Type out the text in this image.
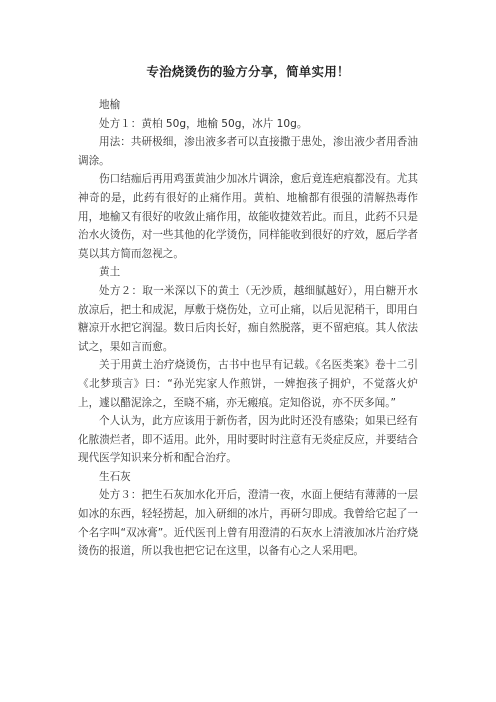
专治烧烫伤的验方分享，简单实用！

地榆

处方１：黄柏 50g，地榆 50g，冰片 10g。

用法：共研极细，渗出液多者可以直接撒于患处，渗出液少者用香油调涂。

伤口结痂后再用鸡蛋黄油少加冰片调涂，愈后竟连疤痕都没有。尤其神奇的是，此药有很好的止痛作用。黄柏、地榆都有很强的清解热毒作用，地榆又有很好的收敛止痛作用，故能收捷效若此。而且，此药不只是治水火烫伤，对一些其他的化学烫伤，同样能收到很好的疗效，愿后学者莫以其方简而忽视之。

黄土

处方２：取一米深以下的黄土（无沙质，越细腻越好），用白糖开水放凉后，把土和成泥，厚敷于烧伤处，立可止痛，以后见泥稍干，即用白糖凉开水把它润湿。数日后肉长好，痂自然脱落，更不留疤痕。其人依法试之，果如言而愈。

关于用黄土治疗烧烫伤，古书中也早有记载。《名医类案》卷十二引《北梦琐言》曰：“孙光宪家人作煎饼，一婢抱孩子拥炉，不觉落火炉上，遽以醋泥涂之，至晓不痛，亦无瘢痕。定知俗说，亦不厌多闻。”

个人认为，此方应该用于新伤者，因为此时还没有感染；如果已经有化脓溃烂者，即不适用。此外，用时要时时注意有无炎症反应，并要结合现代医学知识来分析和配合治疗。

生石灰

处方３：把生石灰加水化开后，澄清一夜，水面上便结有薄薄的一层如冰的东西，轻轻捞起，加入研细的冰片，再研匀即成。我曾给它起了一个名字叫“双冰膏”。近代医刊上曾有用澄清的石灰水上清液加冰片治疗烧烫伤的报道，所以我也把它记在这里，以备有心之人采用吧。
